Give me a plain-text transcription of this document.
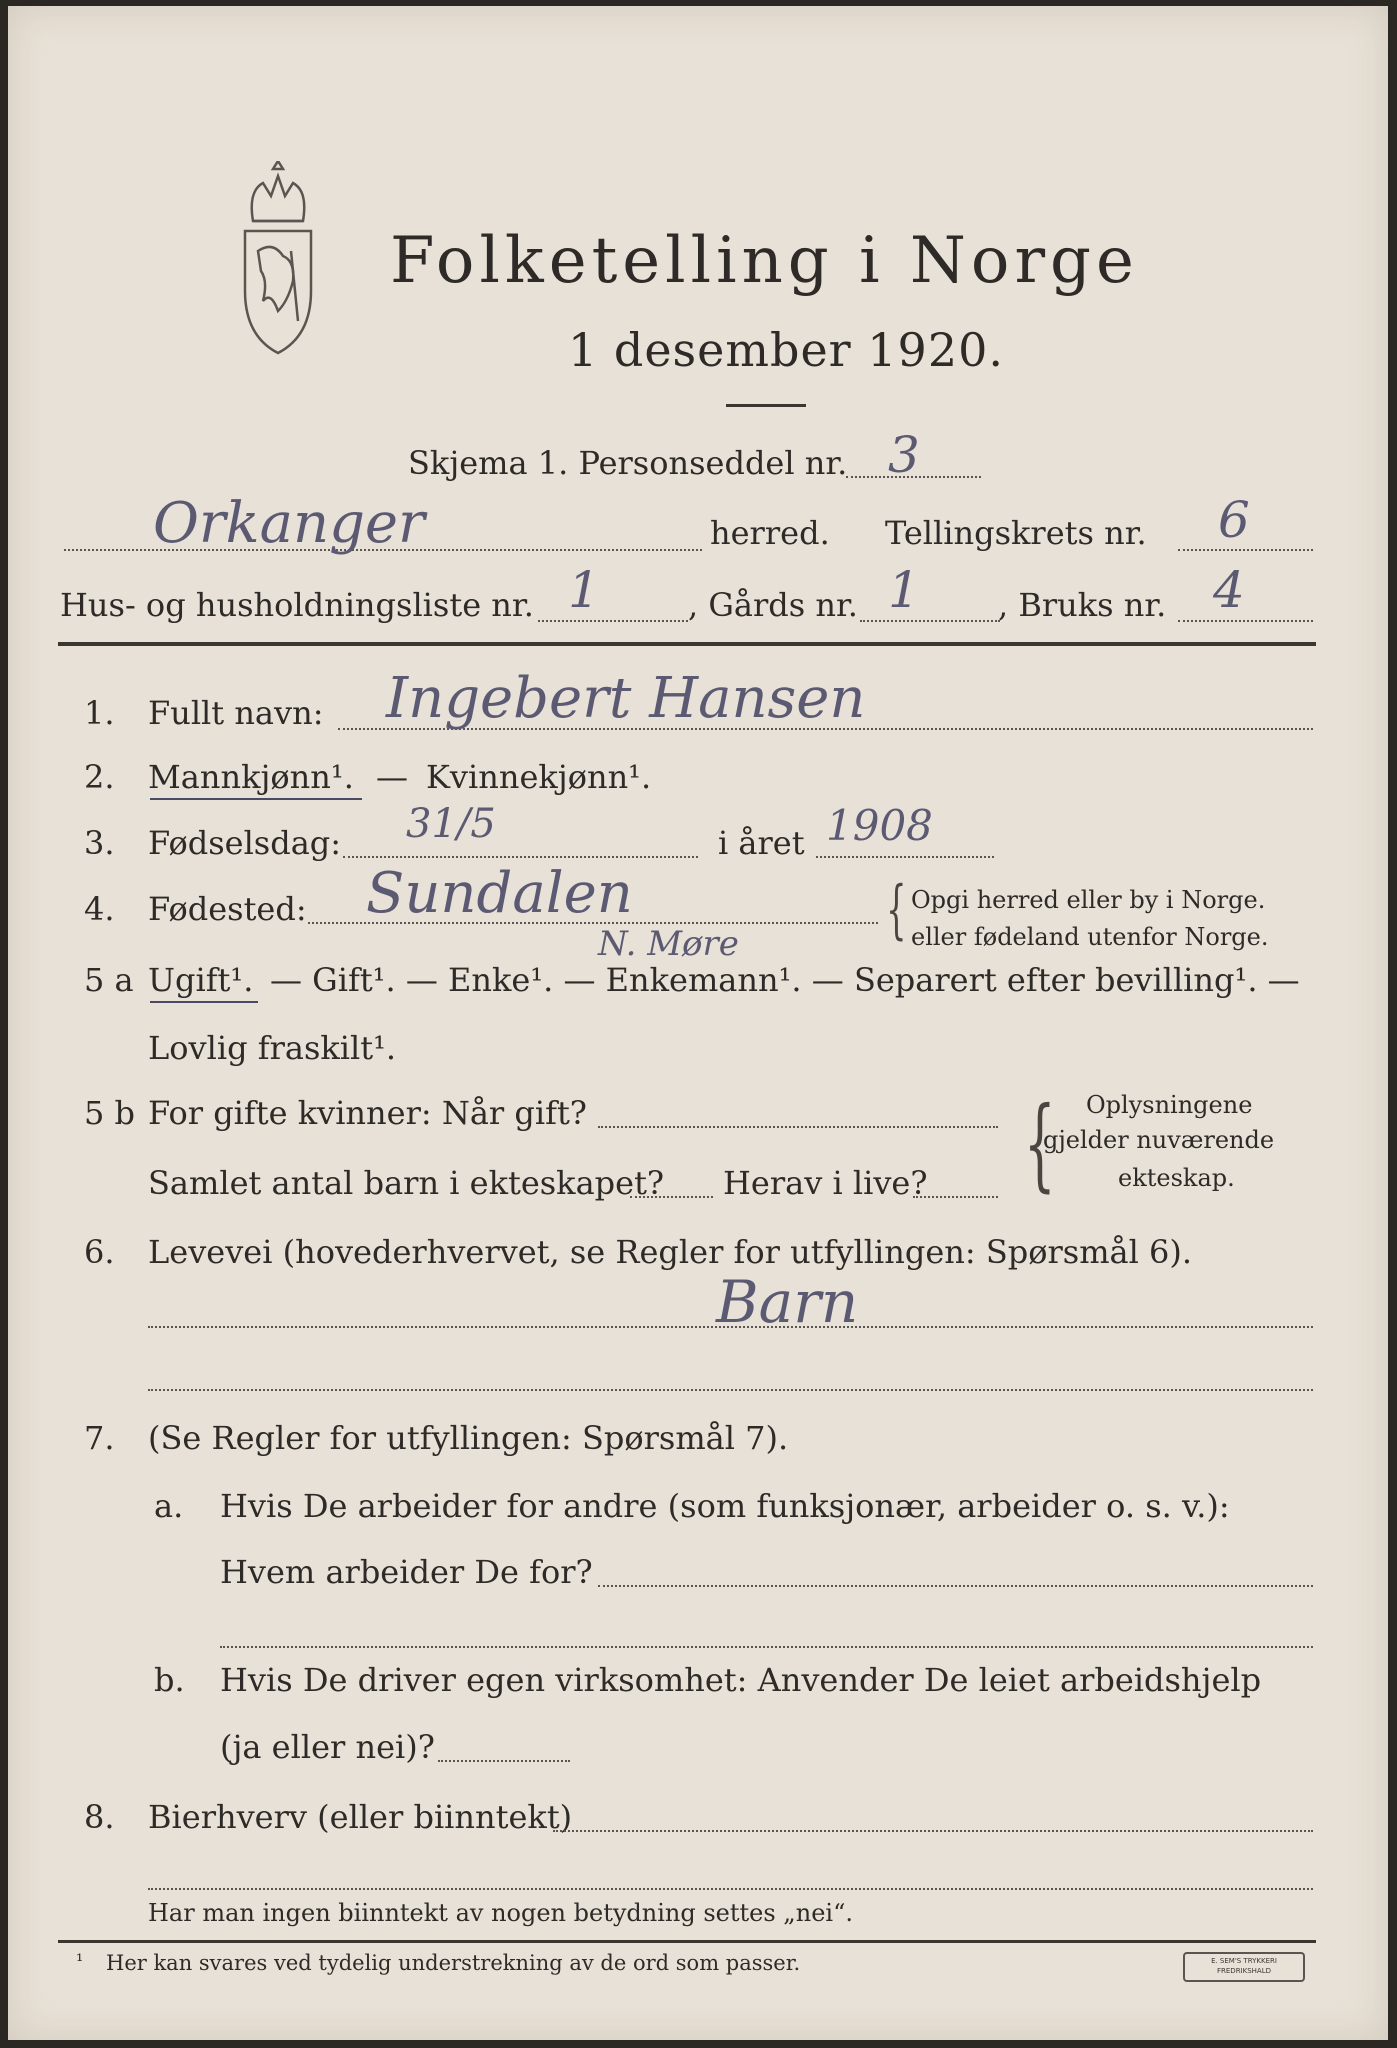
Folketelling i Norge
1 desember 1920.
Skjema 1. Personseddel nr. 3
Orkanger	herred. Tellingskrets nr. 6
Hus- og husholdningsliste nr. 1	, Gårds nr. 1 , Bruks nr. 4
1. Fullt navn: Ingebert Hansen
2. Mannkjønn¹. — Kvinnekjønn¹.
3. Fødselsdag: 31/5	i året 1908
4. Fødested: Sundalen
N. Møre { Opgi herred eller by i Norge.
eller fødeland utenfor Norge.
5 a Ugift¹. — Gift¹. — Enke¹. — Enkemann¹. — Separert efter bevilling¹. —
Lovlig fraskilt¹.
5 b For gifte kvinner: Når gift?
Samlet antal barn i ekteskapet? Herav i live? { Oplysningene
gjelder nuværende
ekteskap.
6. Levevei (hovederhvervet, se Regler for utfyllingen: Spørsmål 6).
Barn
7. (Se Regler for utfyllingen: Spørsmål 7).
a. Hvis De arbeider for andre (som funksjonær, arbeider o. s. v.):
Hvem arbeider De for?
b. Hvis De driver egen virksomhet: Anvender De leiet arbeidshjelp
(ja eller nei)?
8. Bierhverv (eller biinntekt)
Har man ingen biinntekt av nogen betydning settes „nei“.
¹ Her kan svares ved tydelig understrekning av de ord som passer.	E. SEM'S TRYKKERI FREDRIKSHALD
